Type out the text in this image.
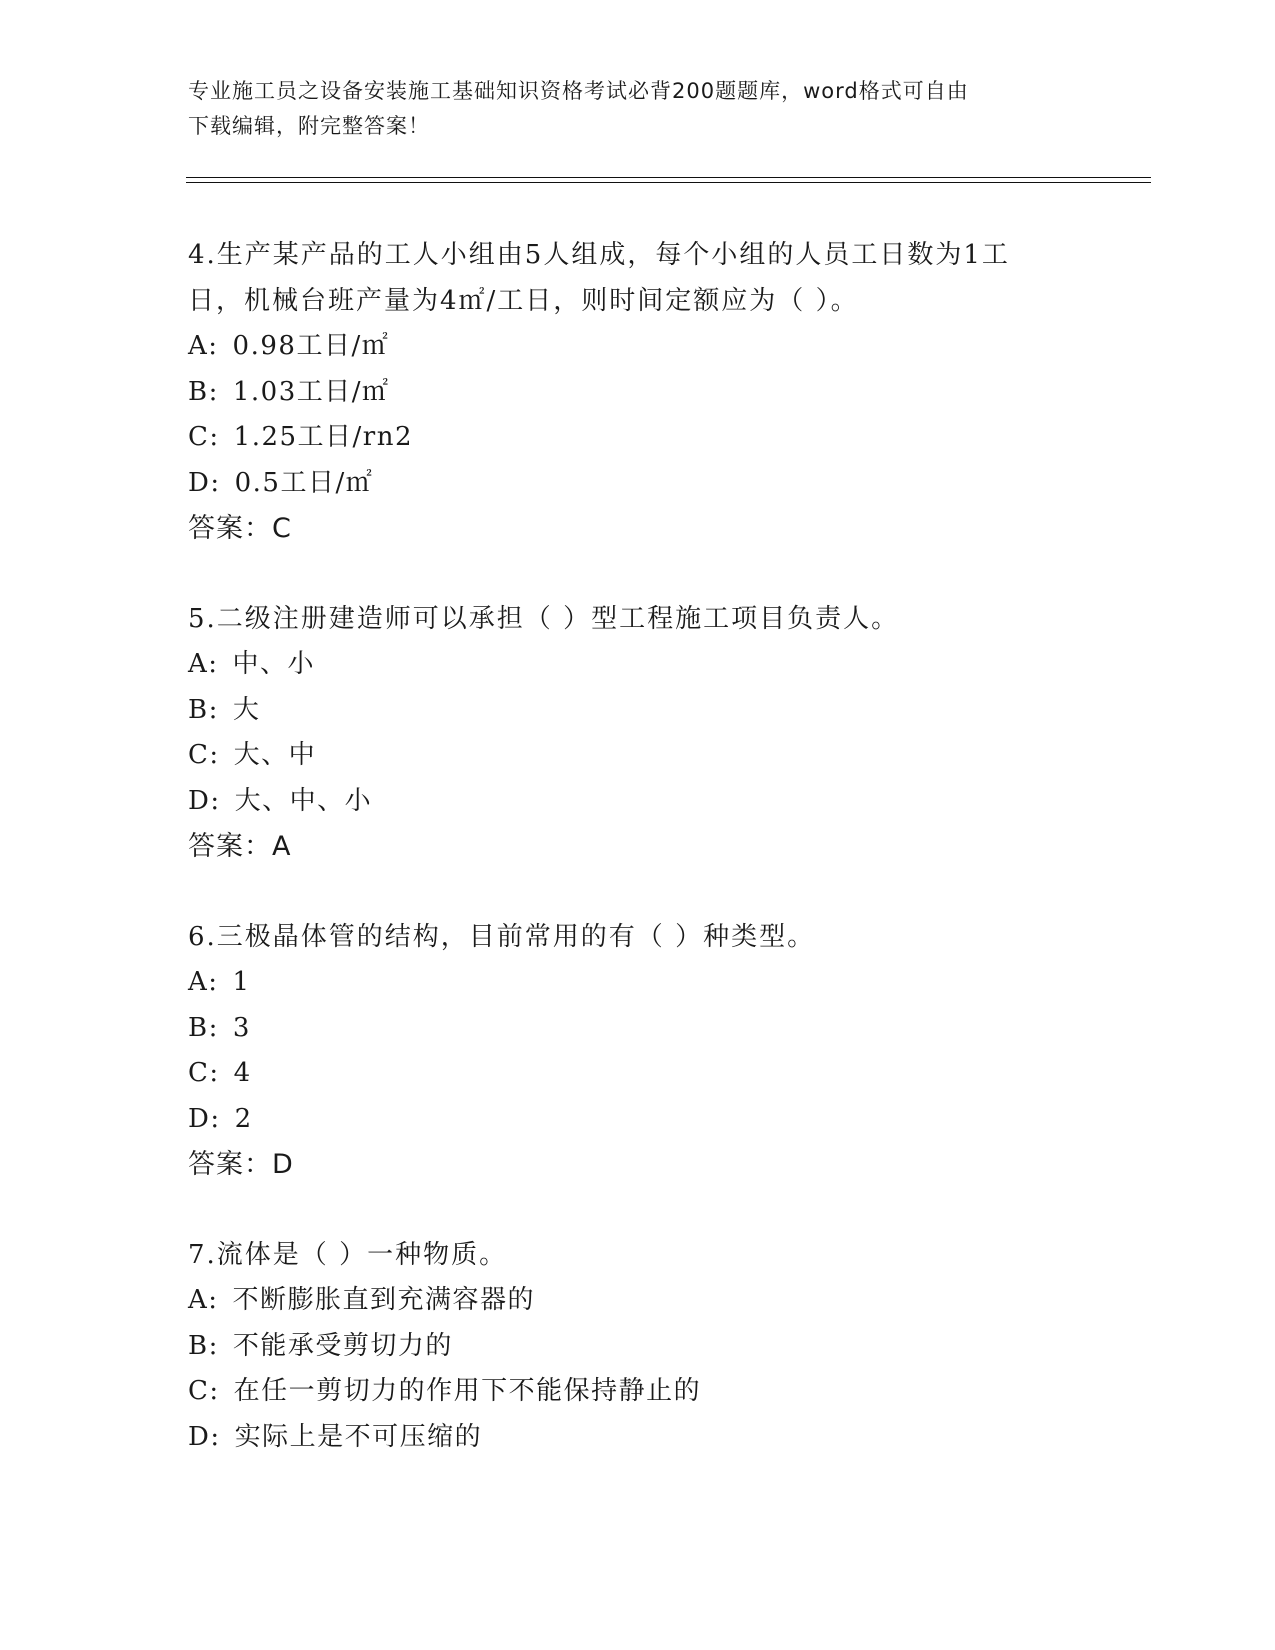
专业施工员之设备安装施工基础知识资格考试必背200题题库，word格式可自由
下载编辑，附完整答案！
4.生产某产品的工人小组由5人组成，每个小组的人员工日数为1工
日，机械台班产量为4㎡/工日，则时间定额应为（ ）。
A: 0.98工日/㎡
B: 1.03工日/㎡
C: 1.25工日/rn2
D: 0.5工日/㎡
答案：C
5.二级注册建造师可以承担（ ）型工程施工项目负责人。
A: 中、小
B: 大
C: 大、中
D: 大、中、小
答案：A
6.三极晶体管的结构，目前常用的有（ ）种类型。
A: 1
B: 3
C: 4
D: 2
答案：D
7.流体是（ ）一种物质。
A: 不断膨胀直到充满容器的
B: 不能承受剪切力的
C: 在任一剪切力的作用下不能保持静止的
D: 实际上是不可压缩的
